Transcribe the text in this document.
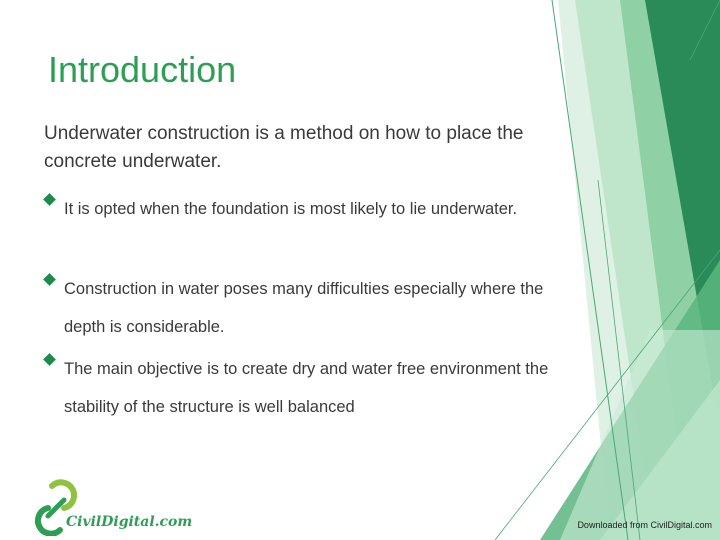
Introduction

Underwater construction is a method on how to place the concrete underwater.

It is opted when the foundation is most likely to lie underwater.
Construction in water poses many difficulties especially where the depth is considerable.
The main objective is to create dry and water free environment the stability of the structure is well balanced
CivilDigital.com	Downloaded from CivilDigital.com
